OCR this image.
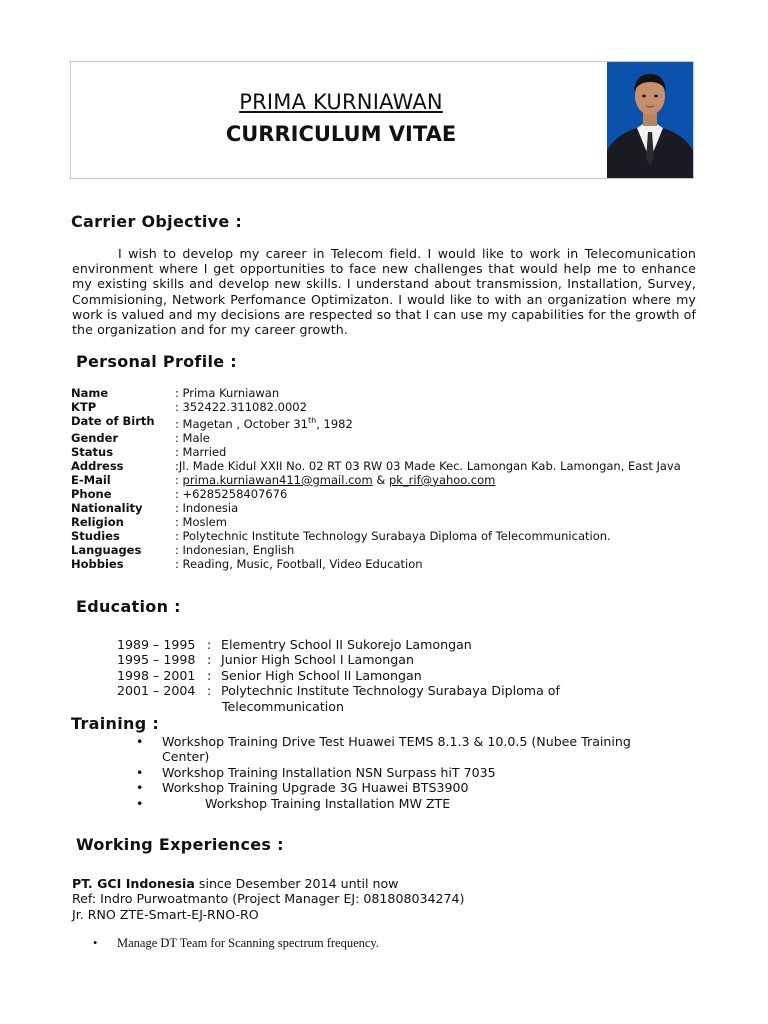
PRIMA KURNIAWAN
CURRICULUM VITAE
Carrier Objective :
I wish to develop my career in Telecom field. I would like to work in Telecomunication environment where I get opportunities to face new challenges that would help me to enhance my existing skills and develop new skills. I understand about transmission, Installation, Survey, Commisioning, Network Perfomance Optimizaton. I would like to with an organization where my work is valued and my decisions are respected so that I can use my capabilities for the growth of the organization and for my career growth.
Personal Profile :
Name	: Prima Kurniawan
KTP	: 352422.311082.0002
Date of Birth	: Magetan , October 31th, 1982
Gender	: Male
Status	: Married
Address	:Jl. Made Kidul XXII No. 02 RT 03 RW 03 Made Kec. Lamongan Kab. Lamongan, East Java
E-Mail	: prima.kurniawan411@gmail.com & pk_rif@yahoo.com
Phone	: +6285258407676
Nationality	: Indonesia
Religion	: Moslem
Studies	: Polytechnic Institute Technology Surabaya Diploma of Telecommunication.
Languages	: Indonesian, English
Hobbies	: Reading, Music, Football, Video Education
Education :
1989 – 1995 : Elementry School II Sukorejo Lamongan
1995 – 1998 : Junior High School I Lamongan
1998 – 2001 : Senior High School II Lamongan
2001 – 2004 : Polytechnic Institute Technology Surabaya Diploma of
Telecommunication
Training :
•	Workshop Training Drive Test Huawei TEMS 8.1.3 & 10.0.5 (Nubee Training Center)
•	Workshop Training Installation NSN Surpass hiT 7035
•	Workshop Training Upgrade 3G Huawei BTS3900
•	Workshop Training Installation MW ZTE
Working Experiences :
PT. GCI Indonesia since Desember 2014 until now
Ref: Indro Purwoatmanto (Project Manager EJ: 081808034274)
Jr. RNO ZTE-Smart-EJ-RNO-RO
•	Manage DT Team for Scanning spectrum frequency.
